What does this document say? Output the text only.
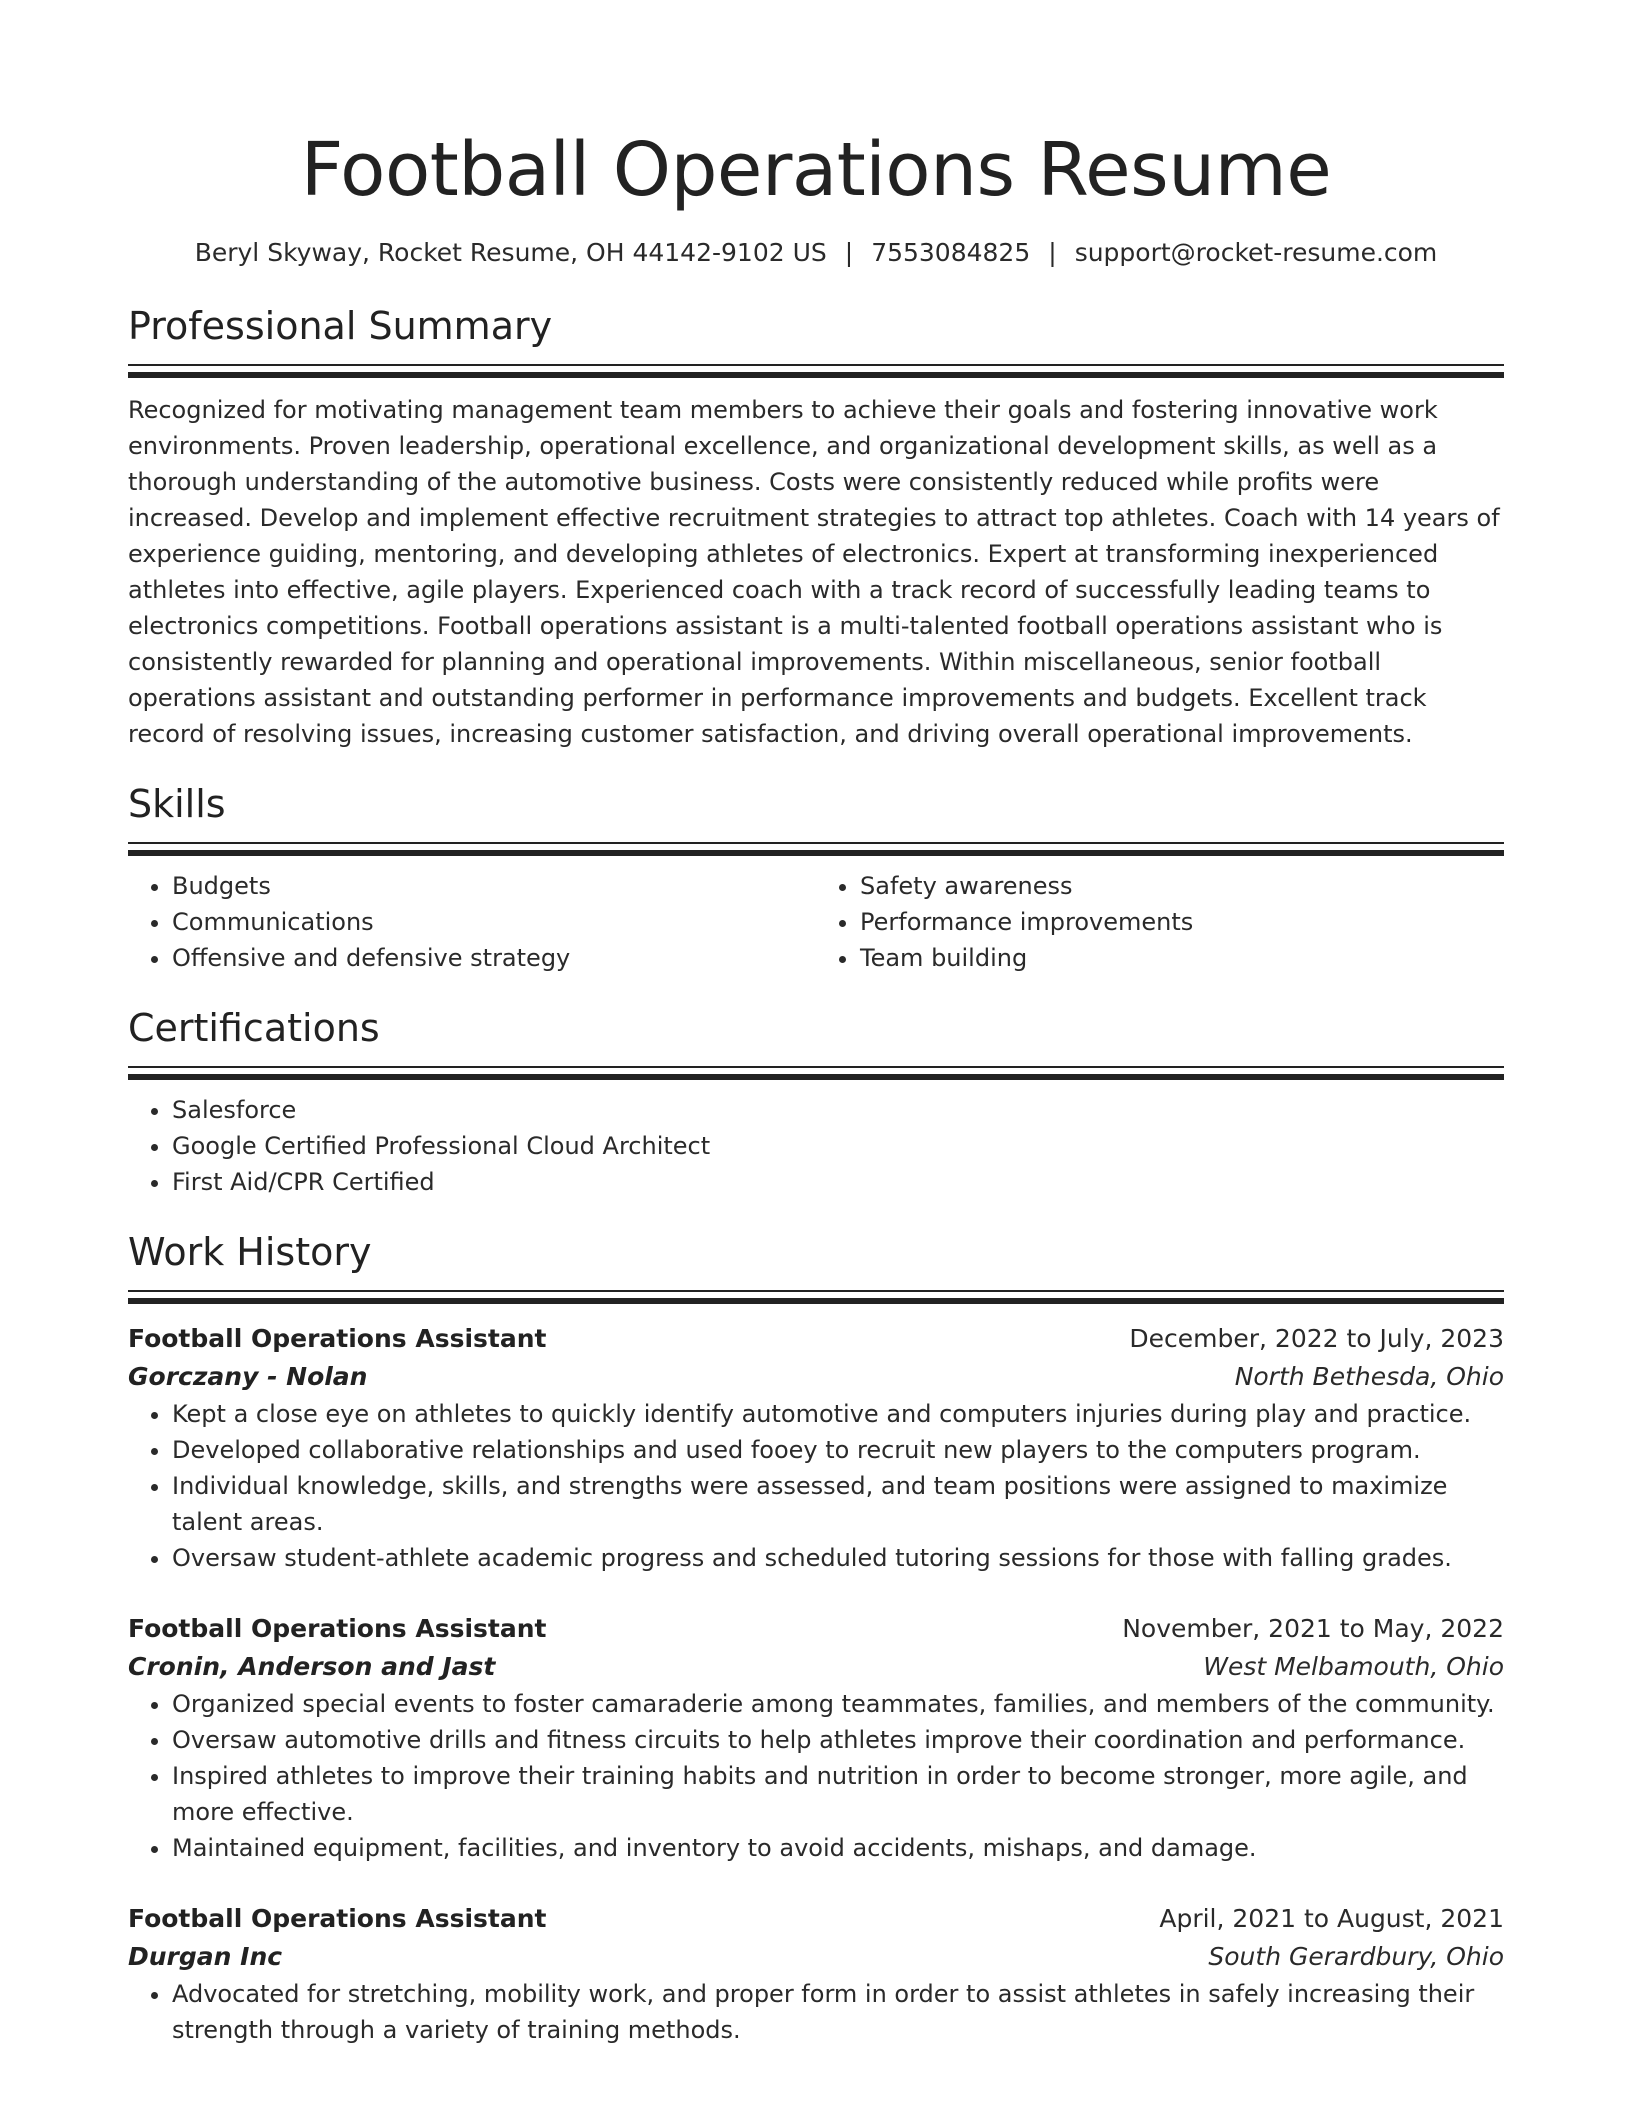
Football Operations Resume
Beryl Skyway, Rocket Resume, OH 44142-9102 US | 7553084825 | support@rocket-resume.com
Professional Summary

Recognized for motivating management team members to achieve their goals and fostering innovative work environments. Proven leadership, operational excellence, and organizational development skills, as well as a thorough understanding of the automotive business. Costs were consistently reduced while profits were increased. Develop and implement effective recruitment strategies to attract top athletes. Coach with 14 years of experience guiding, mentoring, and developing athletes of electronics. Expert at transforming inexperienced athletes into effective, agile players. Experienced coach with a track record of successfully leading teams to electronics competitions. Football operations assistant is a multi-talented football operations assistant who is consistently rewarded for planning and operational improvements. Within miscellaneous, senior football operations assistant and outstanding performer in performance improvements and budgets. Excellent track record of resolving issues, increasing customer satisfaction, and driving overall operational improvements.

Skills
• Budgets
• Communications
• Offensive and defensive strategy
• Safety awareness
• Performance improvements
• Team building
Certifications
• Salesforce
• Google Certified Professional Cloud Architect
• First Aid/CPR Certified
Work History
Football Operations Assistant	December, 2022 to July, 2023
Gorczany - Nolan	North Bethesda, Ohio
• Kept a close eye on athletes to quickly identify automotive and computers injuries during play and practice.
• Developed collaborative relationships and used fooey to recruit new players to the computers program.
• Individual knowledge, skills, and strengths were assessed, and team positions were assigned to maximize talent areas.
• Oversaw student-athlete academic progress and scheduled tutoring sessions for those with falling grades.
Football Operations Assistant	November, 2021 to May, 2022
Cronin, Anderson and Jast	West Melbamouth, Ohio
• Organized special events to foster camaraderie among teammates, families, and members of the community.
• Oversaw automotive drills and fitness circuits to help athletes improve their coordination and performance.
• Inspired athletes to improve their training habits and nutrition in order to become stronger, more agile, and more effective.
• Maintained equipment, facilities, and inventory to avoid accidents, mishaps, and damage.
Football Operations Assistant	April, 2021 to August, 2021
Durgan Inc	South Gerardbury, Ohio
• Advocated for stretching, mobility work, and proper form in order to assist athletes in safely increasing their strength through a variety of training methods.
